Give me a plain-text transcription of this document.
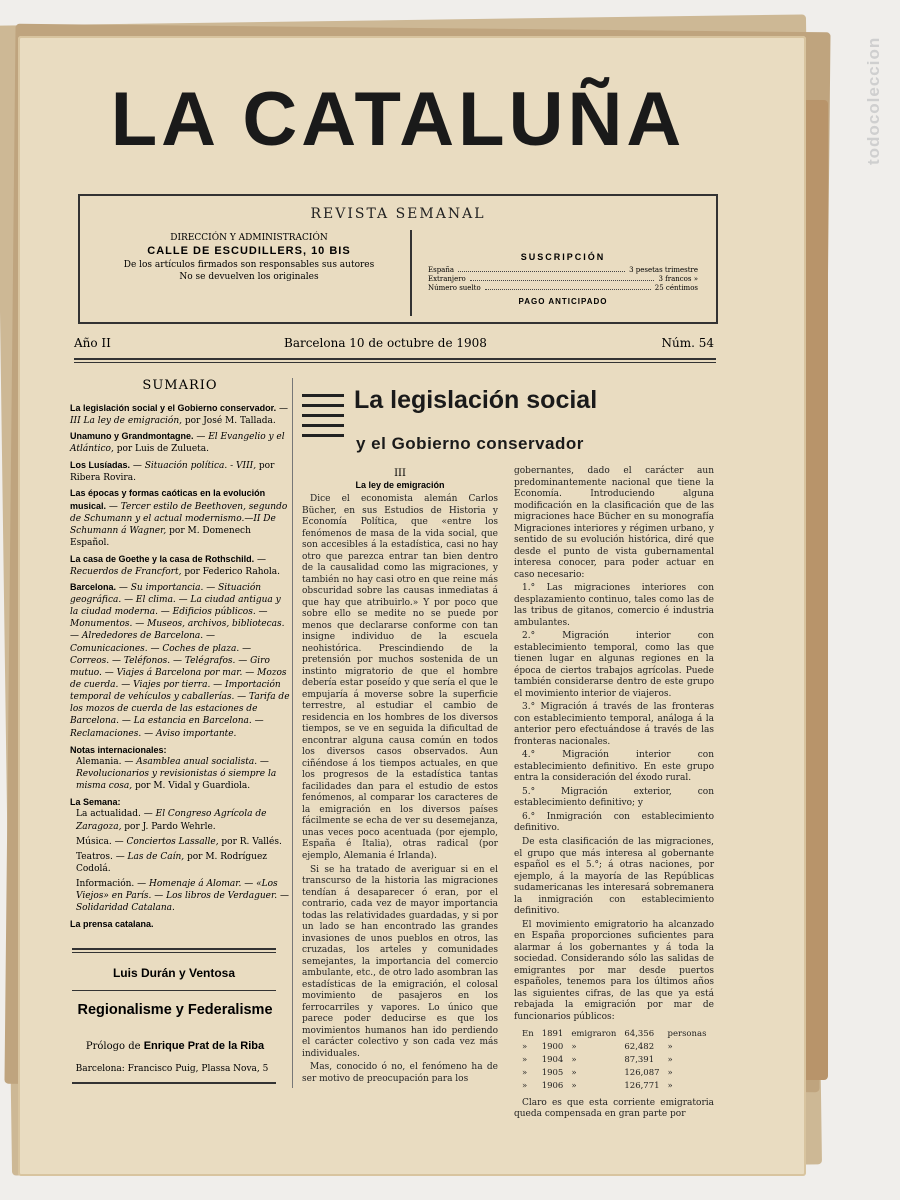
todocoleccion
LA CATALUÑA
REVISTA SEMANAL
DIRECCIÓN Y ADMINISTRACIÓN
CALLE DE ESCUDILLERS, 10 BIS
De los artículos firmados son responsables sus autores
No se devuelven los originales
SUSCRIPCIÓN
España	3 pesetas trimestre
Extranjero	3 francos »
Número suelto	25 céntimos
PAGO ANTICIPADO
Año II	Barcelona 10 de octubre de 1908	Núm. 54
SUMARIO
La legislación social y el Gobierno conservador. — III La ley de emigración, por José M. Tallada.
Unamuno y Grandmontagne. — El Evangelio y el Atlántico, por Luis de Zulueta.
Los Lusíadas. — Situación política. - VIII, por Ribera Rovira.
Las épocas y formas caóticas en la evolución musical. — Tercer estilo de Beethoven, segundo de Schumann y el actual modernismo.—II De Schumann á Wagner, por M. Domenech Español.
La casa de Goethe y la casa de Rothschild. — Recuerdos de Francfort, por Federico Rahola.
Barcelona. — Su importancia. — Situación geográfica. — El clima. — La ciudad antigua y la ciudad moderna. — Edificios públicos. — Monumentos. — Museos, archivos, bibliotecas. — Alrededores de Barcelona. — Comunicaciones. — Coches de plaza. — Correos. — Teléfonos. — Telégrafos. — Giro mutuo. — Viajes á Barcelona por mar. — Mozos de cuerda. — Viajes por tierra. — Importación temporal de vehículos y caballerías. — Tarifa de los mozos de cuerda de las estaciones de Barcelona. — La estancia en Barcelona. — Reclamaciones. — Aviso importante.
Notas internacionales:
Alemania. — Asamblea anual socialista. — Revolucionarios y revisionistas ó siempre la misma cosa, por M. Vidal y Guardiola.
La Semana:
La actualidad. — El Congreso Agrícola de Zaragoza, por J. Pardo Wehrle.
Música. — Conciertos Lassalle, por R. Vallés.
Teatros. — Las de Caín, por M. Rodríguez Codolá.
Información. — Homenaje á Alomar. — «Los Viejos» en París. — Los libros de Verdaguer. — Solidaridad Catalana.
La prensa catalana.
Luis Durán y Ventosa
Regionalisme y Federalisme
Prólogo de Enrique Prat de la Riba
Barcelona: Francisco Puig, Plassa Nova, 5
La legislación social
y el Gobierno conservador
III
La ley de emigración

Dice el economista alemán Carlos Bücher, en sus Estudios de Historia y Economía Política, que «entre los fenómenos de masa de la vida social, que son accesibles á la estadística, casi no hay otro que parezca entrar tan bien dentro de la causalidad como las migraciones, y también no hay casi otro en que reine más obscuridad sobre las causas inmediatas á que hay que atribuirlo.» Y por poco que sobre ello se medite no se puede por menos que declararse conforme con tan insigne individuo de la escuela neohistórica. Prescindiendo de la pretensión por muchos sostenida de un instinto migratorio de que el hombre debería estar poseído y que sería el que le empujaría á moverse sobre la superficie terrestre, al estudiar el cambio de residencia en los hombres de los diversos tiempos, se ve en seguida la dificultad de encontrar alguna causa común en todos los diversos casos observados. Aun ciñéndose á los tiempos actuales, en que los progresos de la estadística tantas facilidades dan para el estudio de estos fenómenos, al comparar los caracteres de la emigración en los diversos países fácilmente se echa de ver su desemejanza, unas veces poco acentuada (por ejemplo, España é Italia), otras radical (por ejemplo, Alemania é Irlanda).

Si se ha tratado de averiguar si en el transcurso de la historia las migraciones tendían á desaparecer ó eran, por el contrario, cada vez de mayor importancia todas las relatividades guardadas, y si por un lado se han encontrado las grandes invasiones de unos pueblos en otros, las cruzadas, los arteles y comunidades semejantes, la importancia del comercio ambulante, etc., de otro lado asombran las estadísticas de la emigración, el colosal movimiento de pasajeros en los ferrocarriles y vapores. Lo único que parece poder deducirse es que los movimientos humanos han ido perdiendo el carácter colectivo y son cada vez más individuales.

Mas, conocido ó no, el fenómeno ha de ser motivo de preocupación para los

gobernantes, dado el carácter aun predominantemente nacional que tiene la Economía. Introduciendo alguna modificación en la clasificación que de las migraciones hace Bücher en su monografía Migraciones interiores y régimen urbano, y sentido de su evolución histórica, diré que desde el punto de vista gubernamental interesa conocer, para poder actuar en caso necesario:

1.° Las migraciones interiores con desplazamiento continuo, tales como las de las tribus de gitanos, comercio é industria ambulantes.

2.° Migración interior con establecimiento temporal, como las que tienen lugar en algunas regiones en la época de ciertos trabajos agrícolas. Puede también considerarse dentro de este grupo el movimiento interior de viajeros.

3.° Migración á través de las fronteras con establecimiento temporal, análoga á la anterior pero efectuándose á través de las fronteras nacionales.

4.° Migración interior con establecimiento definitivo. En este grupo entra la consideración del éxodo rural.

5.° Migración exterior, con establecimiento definitivo; y

6.° Inmigración con establecimiento definitivo.

De esta clasificación de las migraciones, el grupo que más interesa al gobernante español es el 5.°; á otras naciones, por ejemplo, á la mayoría de las Repúblicas sudamericanas les interesará sobremanera la inmigración con establecimiento definitivo.

El movimiento emigratorio ha alcanzado en España proporciones suficientes para alarmar á los gobernantes y á toda la sociedad. Considerando sólo las salidas de emigrantes por mar desde puertos españoles, tenemos para los últimos años las siguientes cifras, de las que ya está rebajada la emigración por mar de funcionarios públicos:

En	1891	emigraron	64,356	personas
»	1900	»	62,482	»
»	1904	»	87,391	»
»	1905	»	126,087	»
»	1906	»	126,771	»

Claro es que esta corriente emigratoria queda compensada en gran parte por
